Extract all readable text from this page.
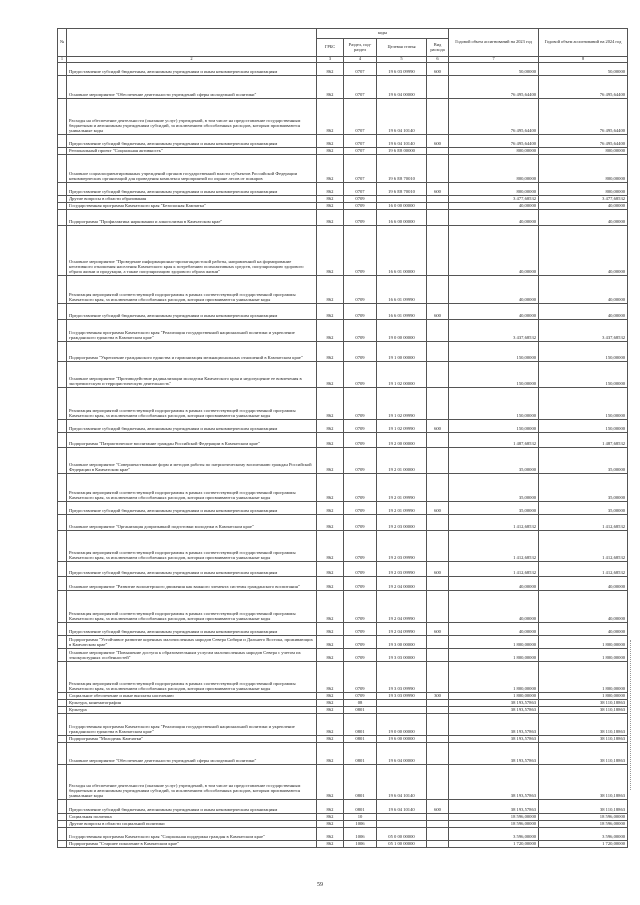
№		коды				Годовой объем ассигнований на 2023 год	Годовой объем ассигнований на 2024 год
		ГРБС	Раздел, под-раздел	Целевая статья	Вид расхода		
1	2	3	4	5	6	7	8
	Предоставление субсидий бюджетным, автономным учреждениям и иным некоммерческим организациям	862	0707	19 6 03 09990	600	50,00000	50,00000
	Основное мероприятие "Обеспечение деятельности учреждений сферы молодежной политики"	862	0707	19 6 04 00000		76 495,64400	76 495,64400
	Расходы на обеспечение деятельности (оказание услуг) учреждений, в том числе на предоставление государственным бюджетным и автономным учреждениям субсидий, за исключением обособленных расходов, которым присваиваются уникальные коды	862	0707	19 6 04 10140		76 495,64400	76 495,64400
	Предоставление субсидий бюджетным, автономным учреждениям и иным некоммерческим организациям	862	0707	19 6 04 10140	600	76 495,64400	76 495,64400
	Региональный проект "Социальная активность"	862	0707	19 6 E8 00000		800,00000	800,00000
	Основное социалоориентированных учреждений органов государственной власти субъектов Российской Федерации некоммерческих организаций для проведения комплекса мероприятий по охране лесов от пожаров	862	0707	19 6 E8 70010		800,00000	800,00000
	Предоставление субсидий бюджетным, автономным учреждениям и иным некоммерческим организациям	862	0707	19 6 E8 70010	600	800,00000	800,00000
	Другие вопросы в области образования	862	0709			3 477,68532	3 477,68532
	Государственная программа Камчатского края "Безопасная Камчатка"	862	0709	16 0 00 00000		40,00000	40,00000
	Подпрограмма "Профилактика наркомании и алкоголизма в Камчатском крае"	862	0709	16 6 00 00000		40,00000	40,00000
	Основное мероприятие "Проведение информационно-пропагандистской работы, направленной на формирование негативного отношения населения Камчатского края к потреблению психоактивных средств, популяризацию здорового образа жизни и продукции, а также популяризацию здорового образа жизни"	862	0709	16 6 01 00000		40,00000	40,00000
	Реализация мероприятий соответствующей подпрограммы в рамках соответствующей государственной программы Камчатского края, за исключением обособленных расходов, которым присваиваются уникальные коды	862	0709	16 6 01 09990		40,00000	40,00000
	Предоставление субсидий бюджетным, автономным учреждениям и иным некоммерческим организациям	862	0709	16 6 01 09990	600	40,00000	40,00000
	Государственная программа Камчатского края "Реализация государственной национальной политики и укрепление гражданского единства в Камчатском крае"	862	0709	19 0 00 00000		3 437,68532	3 437,68532
	Подпрограмма "Укрепление гражданского единства и гармонизация межнациональных отношений в Камчатском крае"	862	0709	19 1 00 00000		150,00000	150,00000
	Основное мероприятие "Противодействие радикализации молодежи Камчатского края и недопущение ее вовлечения в экстремистскую и террористическую деятельность"	862	0709	19 1 02 00000		150,00000	150,00000
	Реализация мероприятий соответствующей подпрограммы в рамках соответствующей государственной программы Камчатского края, за исключением обособленных расходов, которым присваиваются уникальные коды	862	0709	19 1 02 09990		150,00000	150,00000
	Предоставление субсидий бюджетным, автономным учреждениям и иным некоммерческим организациям	862	0709	19 1 02 09990	600	150,00000	150,00000
	Подпрограмма "Патриотическое воспитание граждан Российской Федерации в Камчатском крае"	862	0709	19 2 00 00000		1 487,68532	1 487,68532
	Основное мероприятие "Совершенствование форм и методов работы по патриотическому воспитанию граждан Российской Федерации в Камчатском крае"	862	0709	19 2 01 00000		35,00000	35,00000
	Реализация мероприятий соответствующей подпрограммы в рамках соответствующей государственной программы Камчатского края, за исключением обособленных расходов, которым присваиваются уникальные коды	862	0709	19 2 01 09990		35,00000	35,00000
	Предоставление субсидий бюджетным, автономным учреждениям и иным некоммерческим организациям	862	0709	19 2 01 09990	600	35,00000	35,00000
	Основное мероприятие "Организация допризывной подготовки молодежи в Камчатском крае"	862	0709	19 2 03 00000		1 412,68532	1 412,68532
	Реализация мероприятий соответствующей подпрограммы в рамках соответствующей государственной программы Камчатского края, за исключением обособленных расходов, которым присваиваются уникальные коды	862	0709	19 2 03 09990		1 412,68532	1 412,68532
	Предоставление субсидий бюджетным, автономным учреждениям и иным некоммерческим организациям	862	0709	19 2 03 09990	600	1 412,68532	1 412,68532
	Основное мероприятие "Развитие волонтерского движения как важного элемента системы гражданского воспитания"	862	0709	19 2 04 00000		40,00000	40,00000
	Реализация мероприятий соответствующей подпрограммы в рамках соответствующей государственной программы Камчатского края, за исключением обособленных расходов, которым присваиваются уникальные коды	862	0709	19 2 04 09990		40,00000	40,00000
	Предоставление субсидий бюджетным, автономным учреждениям и иным некоммерческим организациям	862	0709	19 2 04 09990	600	40,00000	40,00000
	Подпрограмма "Устойчивое развитие коренных малочисленных народов Севера Сибири и Дальнего Востока, проживающих в Камчатском крае"	862	0709	19 3 00 00000		1 800,00000	1 800,00000
	Основное мероприятие "Повышение доступа к образовательным услугам малочисленных народов Севера с учетом их этнокультурных особенностей"	862	0709	19 3 03 00000		1 800,00000	1 800,00000
	Реализация мероприятий соответствующей подпрограммы в рамках соответствующей государственной программы Камчатского края, за исключением обособленных расходов, которым присваиваются уникальные коды	862	0709	19 3 03 09990		1 800,00000	1 800,00000
	Социальное обеспечение и иные выплаты населению	862	0709	19 3 03 09990	300	1 800,00000	1 800,00000
	Культура, кинематография	862	08			38 193,57863	38 110,18863
	Культура	862	0801			38 193,57863	38 110,18863
	Государственная программа Камчатского края "Реализация государственной национальной политики и укрепление гражданского единства в Камчатском крае"	862	0801	19 0 00 00000		38 193,57863	38 110,18863
	Подпрограмма "Молодежь Камчатки"	862	0801	19 6 00 00000		38 193,57863	38 110,18863
	Основное мероприятие "Обеспечение деятельности учреждений сферы молодежной политики"	862	0801	19 6 04 00000		38 193,57863	38 110,18863
	Расходы на обеспечение деятельности (оказание услуг) учреждений, в том числе на предоставление государственным бюджетным и автономным учреждениям субсидий, за исключением обособленных расходов, которым присваиваются уникальные коды	862	0801	19 6 04 10140		38 193,57863	38 110,18863
	Предоставление субсидий бюджетным, автономным учреждениям и иным некоммерческим организациям	862	0801	19 6 04 10140	600	38 193,57863	38 110,18863
	Социальная политика	862	10			18 596,00000	18 596,00000
	Другие вопросы в области социальной политики	862	1006			18 596,00000	18 596,00000
	Государственная программа Камчатского края "Социальная поддержка граждан в Камчатском крае"	862	1006	05 0 00 00000		3 596,00000	3 596,00000
	Подпрограмма "Старшее поколение в Камчатском крае"	862	1006	05 1 00 00000		1 720,00000	1 720,00000
59
